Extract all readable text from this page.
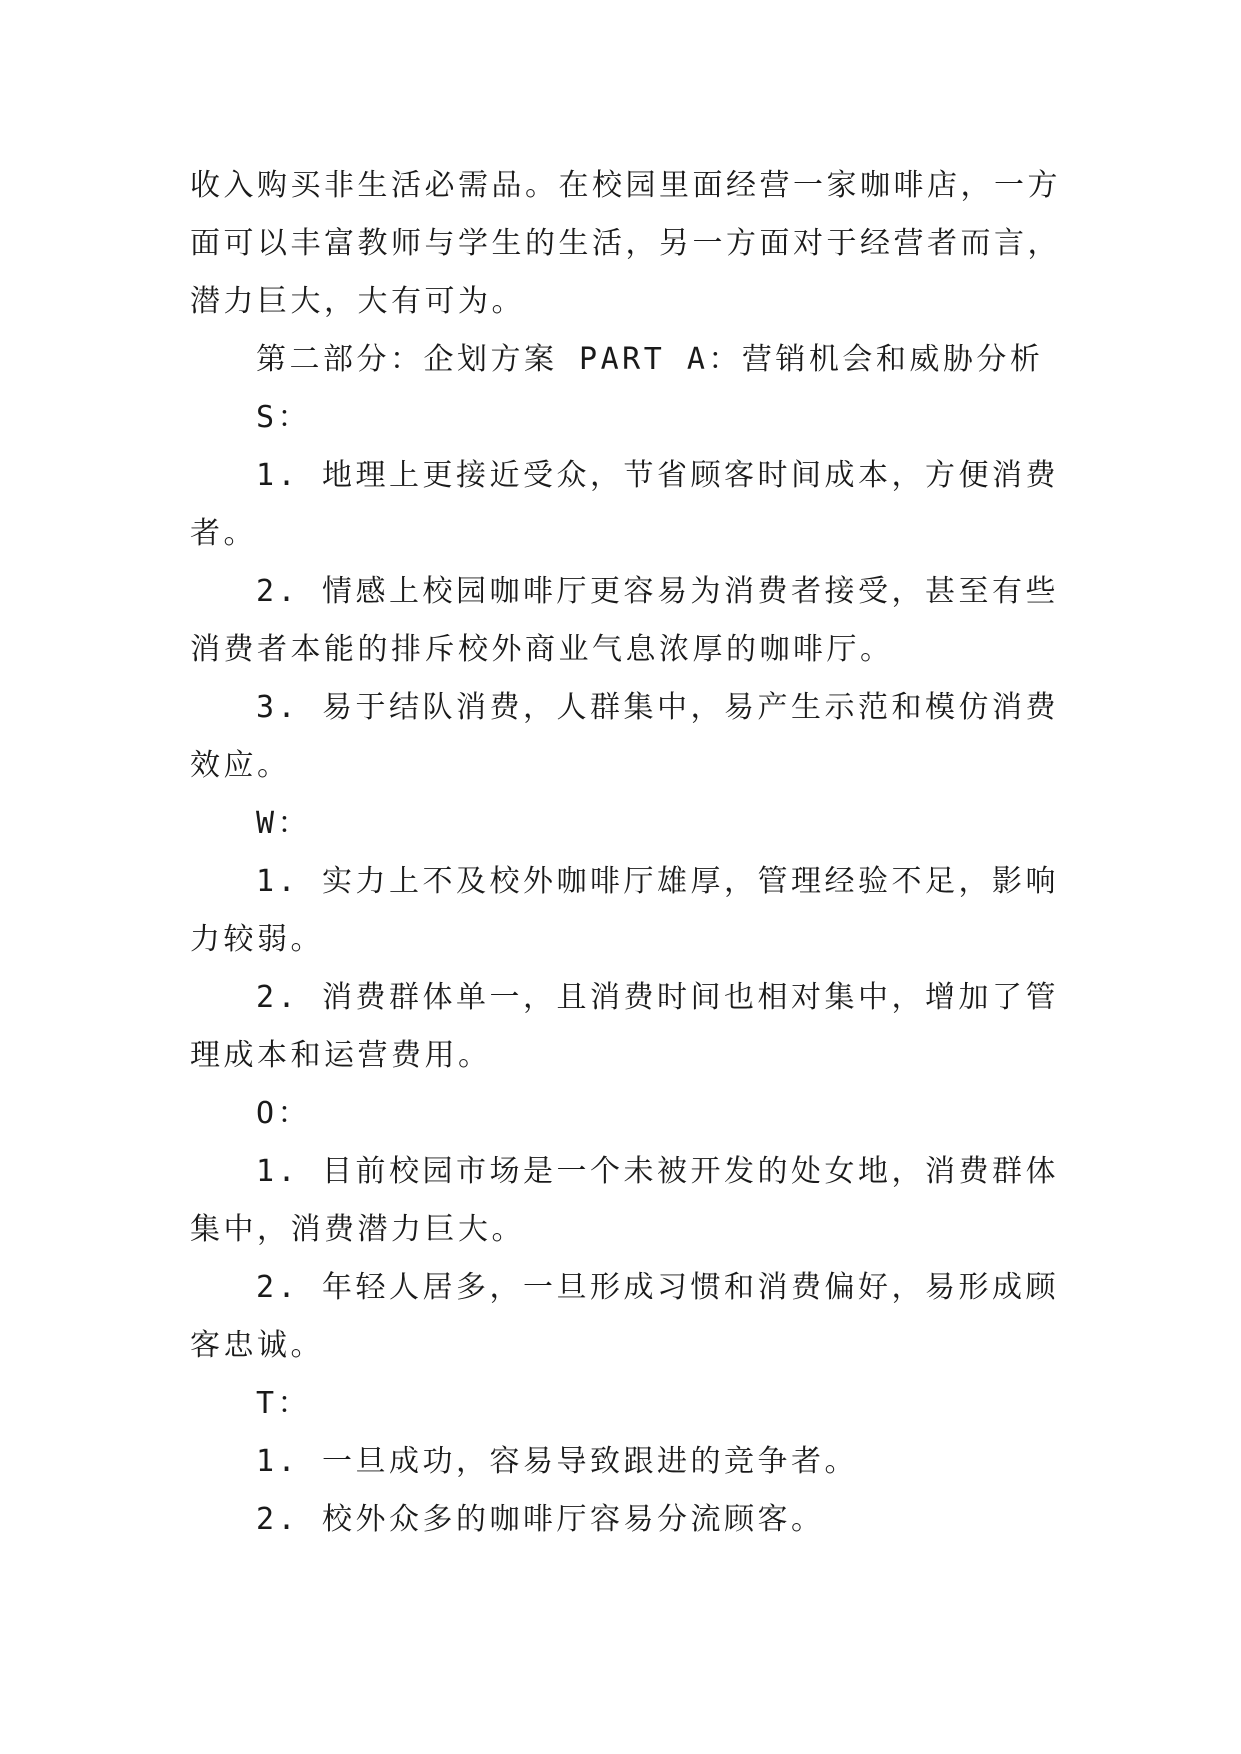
收入购买非生活必需品。在校园里面经营一家咖啡店，一方
面可以丰富教师与学生的生活，另一方面对于经营者而言，
潜力巨大，大有可为。
第二部分：企划方案 PART A：营销机会和威胁分析
S：
1. 地理上更接近受众，节省顾客时间成本，方便消费
者。
2. 情感上校园咖啡厅更容易为消费者接受，甚至有些
消费者本能的排斥校外商业气息浓厚的咖啡厅。
3. 易于结队消费，人群集中，易产生示范和模仿消费
效应。
W：
1. 实力上不及校外咖啡厅雄厚，管理经验不足，影响
力较弱。
2. 消费群体单一，且消费时间也相对集中，增加了管
理成本和运营费用。
O：
1. 目前校园市场是一个未被开发的处女地，消费群体
集中，消费潜力巨大。
2. 年轻人居多，一旦形成习惯和消费偏好，易形成顾
客忠诚。
T：
1. 一旦成功，容易导致跟进的竞争者。
2. 校外众多的咖啡厅容易分流顾客。
